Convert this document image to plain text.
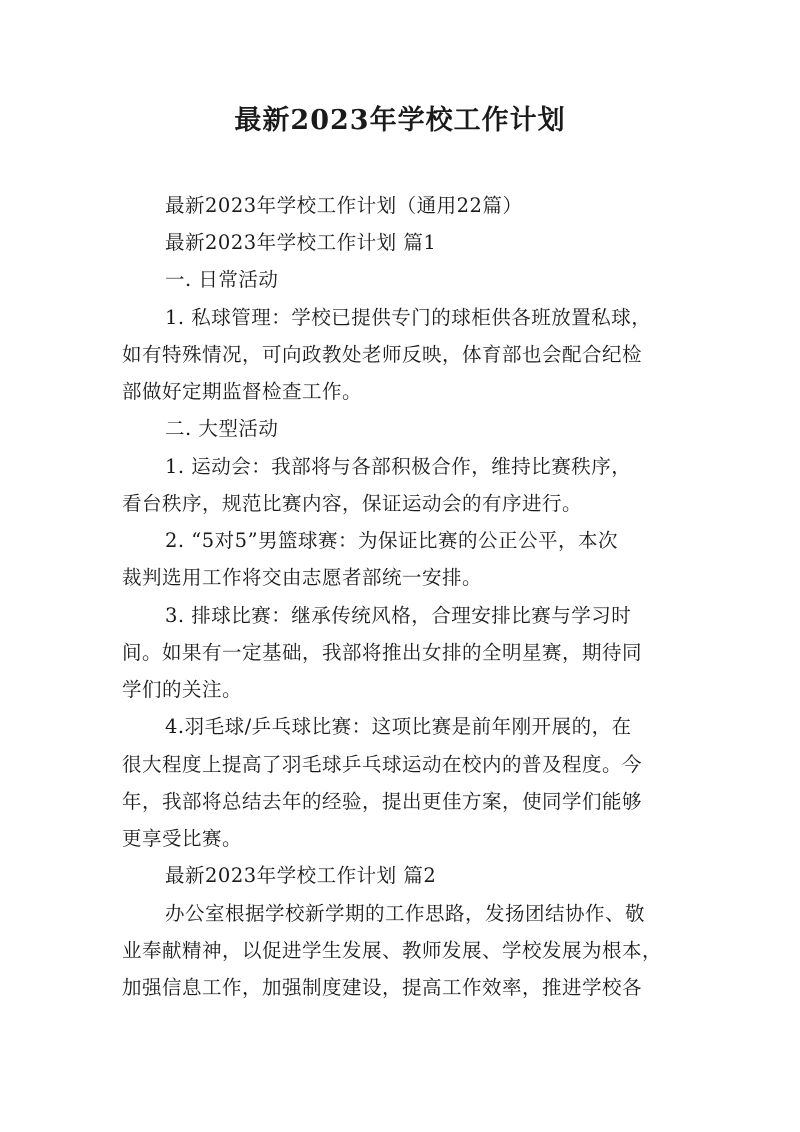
最新2023年学校工作计划
最新2023年学校工作计划（通用22篇）
最新2023年学校工作计划 篇1
一. 日常活动
1. 私球管理：学校已提供专门的球柜供各班放置私球，
如有特殊情况，可向政教处老师反映，体育部也会配合纪检
部做好定期监督检查工作。
二. 大型活动
1. 运动会：我部将与各部积极合作，维持比赛秩序，
看台秩序，规范比赛内容，保证运动会的有序进行。
2. “5对5”男篮球赛：为保证比赛的公正公平，本次
裁判选用工作将交由志愿者部统一安排。
3. 排球比赛：继承传统风格，合理安排比赛与学习时
间。如果有一定基础，我部将推出女排的全明星赛，期待同
学们的关注。
4.羽毛球/乒乓球比赛：这项比赛是前年刚开展的，在
很大程度上提高了羽毛球乒乓球运动在校内的普及程度。今
年，我部将总结去年的经验，提出更佳方案，使同学们能够
更享受比赛。
最新2023年学校工作计划 篇2
办公室根据学校新学期的工作思路，发扬团结协作、敬
业奉献精神，以促进学生发展、教师发展、学校发展为根本，
加强信息工作，加强制度建设，提高工作效率，推进学校各
